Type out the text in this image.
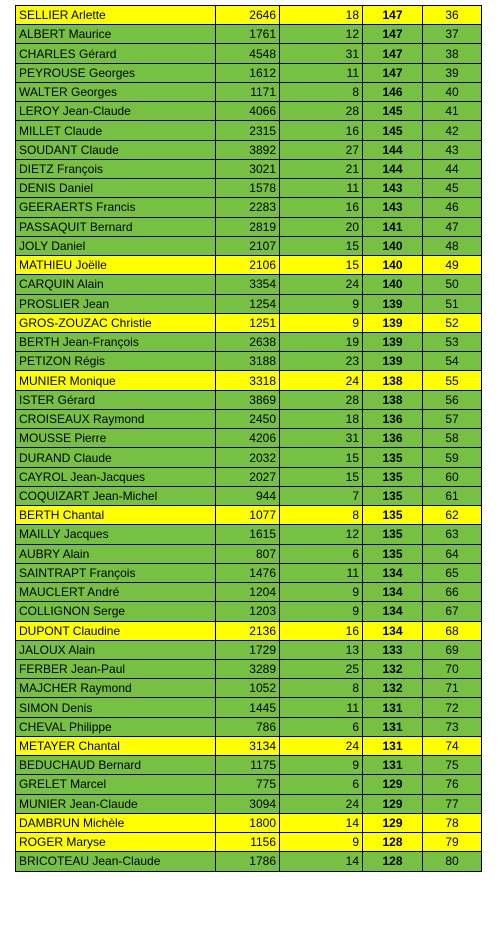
SELLIER Arlette	2646	18	147	36
ALBERT Maurice	1761	12	147	37
CHARLES Gérard	4548	31	147	38
PEYROUSE Georges	1612	11	147	39
WALTER Georges	1171	8	146	40
LEROY Jean-Claude	4066	28	145	41
MILLET Claude	2315	16	145	42
SOUDANT Claude	3892	27	144	43
DIETZ François	3021	21	144	44
DENIS Daniel	1578	11	143	45
GEERAERTS Francis	2283	16	143	46
PASSAQUIT Bernard	2819	20	141	47
JOLY Daniel	2107	15	140	48
MATHIEU Joëlle	2106	15	140	49
CARQUIN Alain	3354	24	140	50
PROSLIER Jean	1254	9	139	51
GROS-ZOUZAC Christie	1251	9	139	52
BERTH Jean-François	2638	19	139	53
PETIZON Régis	3188	23	139	54
MUNIER Monique	3318	24	138	55
ISTER Gérard	3869	28	138	56
CROISEAUX Raymond	2450	18	136	57
MOUSSE Pierre	4206	31	136	58
DURAND Claude	2032	15	135	59
CAYROL Jean-Jacques	2027	15	135	60
COQUIZART Jean-Michel	944	7	135	61
BERTH Chantal	1077	8	135	62
MAILLY Jacques	1615	12	135	63
AUBRY Alain	807	6	135	64
SAINTRAPT François	1476	11	134	65
MAUCLERT André	1204	9	134	66
COLLIGNON Serge	1203	9	134	67
DUPONT Claudine	2136	16	134	68
JALOUX Alain	1729	13	133	69
FERBER Jean-Paul	3289	25	132	70
MAJCHER Raymond	1052	8	132	71
SIMON Denis	1445	11	131	72
CHEVAL Philippe	786	6	131	73
METAYER Chantal	3134	24	131	74
BEDUCHAUD Bernard	1175	9	131	75
GRELET Marcel	775	6	129	76
MUNIER Jean-Claude	3094	24	129	77
DAMBRUN Michèle	1800	14	129	78
ROGER Maryse	1156	9	128	79
BRICOTEAU Jean-Claude	1786	14	128	80
